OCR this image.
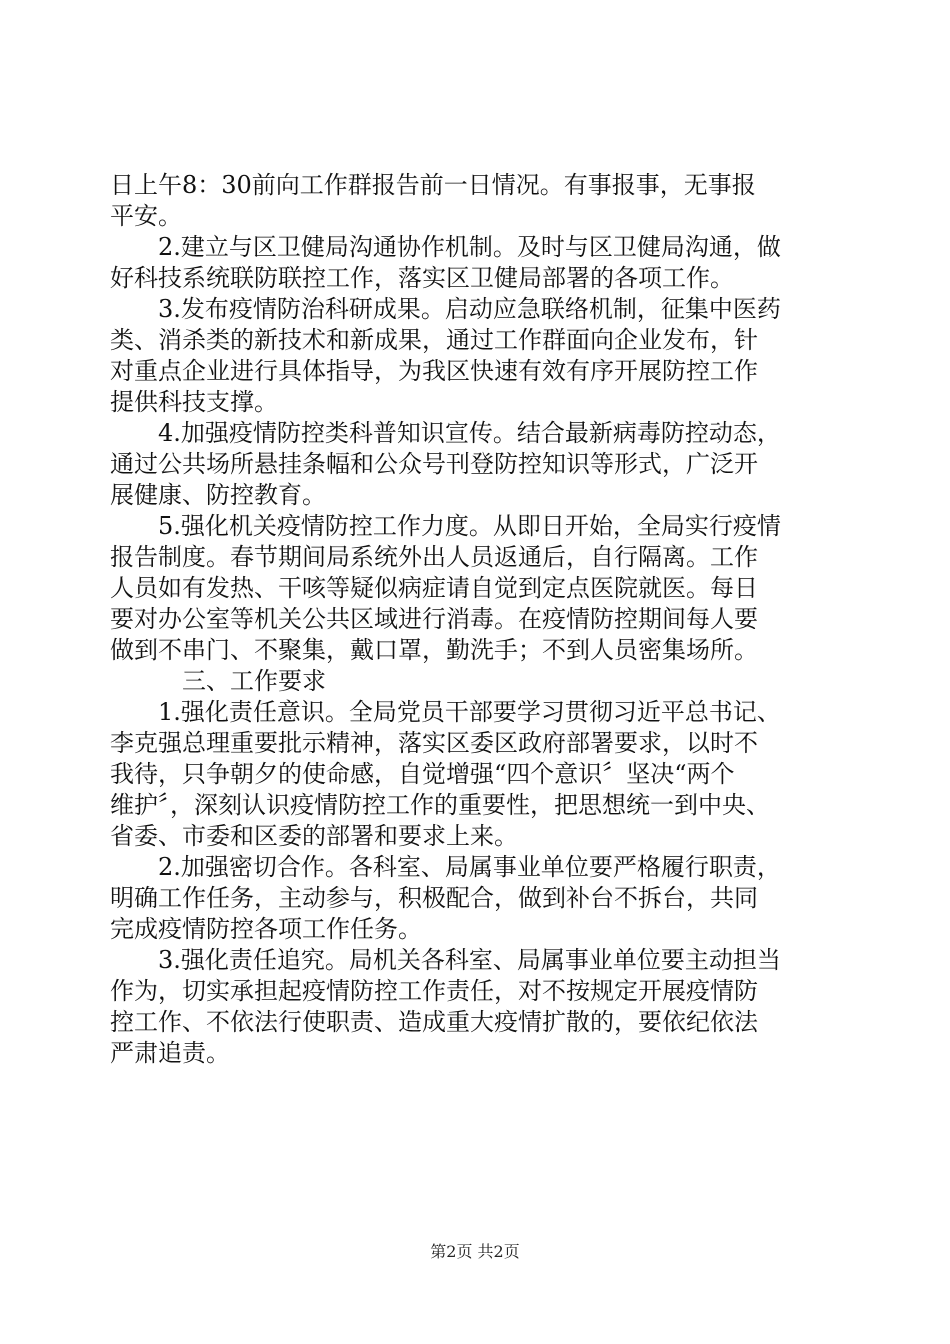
日上午8：30前向工作群报告前一日情况。有事报事，无事报
平安。
2.建立与区卫健局沟通协作机制。及时与区卫健局沟通，做
好科技系统联防联控工作，落实区卫健局部署的各项工作。
3.发布疫情防治科研成果。启动应急联络机制，征集中医药
类、消杀类的新技术和新成果，通过工作群面向企业发布，针
对重点企业进行具体指导，为我区快速有效有序开展防控工作
提供科技支撑。
4.加强疫情防控类科普知识宣传。结合最新病毒防控动态，
通过公共场所悬挂条幅和公众号刊登防控知识等形式，广泛开
展健康、防控教育。
5.强化机关疫情防控工作力度。从即日开始，全局实行疫情
报告制度。春节期间局系统外出人员返通后，自行隔离。工作
人员如有发热、干咳等疑似病症请自觉到定点医院就医。每日
要对办公室等机关公共区域进行消毒。在疫情防控期间每人要
做到不串门、不聚集，戴口罩，勤洗手；不到人员密集场所。
三、工作要求
1.强化责任意识。全局党员干部要学习贯彻习近平总书记、
李克强总理重要批示精神，落实区委区政府部署要求，以时不
我待，只争朝夕的使命感，自觉增强“四个意识〞坚决“两个
维护〞，深刻认识疫情防控工作的重要性，把思想统一到中央、
省委、市委和区委的部署和要求上来。
2.加强密切合作。各科室、局属事业单位要严格履行职责，
明确工作任务，主动参与，积极配合，做到补台不拆台，共同
完成疫情防控各项工作任务。
3.强化责任追究。局机关各科室、局属事业单位要主动担当
作为，切实承担起疫情防控工作责任，对不按规定开展疫情防
控工作、不依法行使职责、造成重大疫情扩散的，要依纪依法
严肃追责。
第2页 共2页
